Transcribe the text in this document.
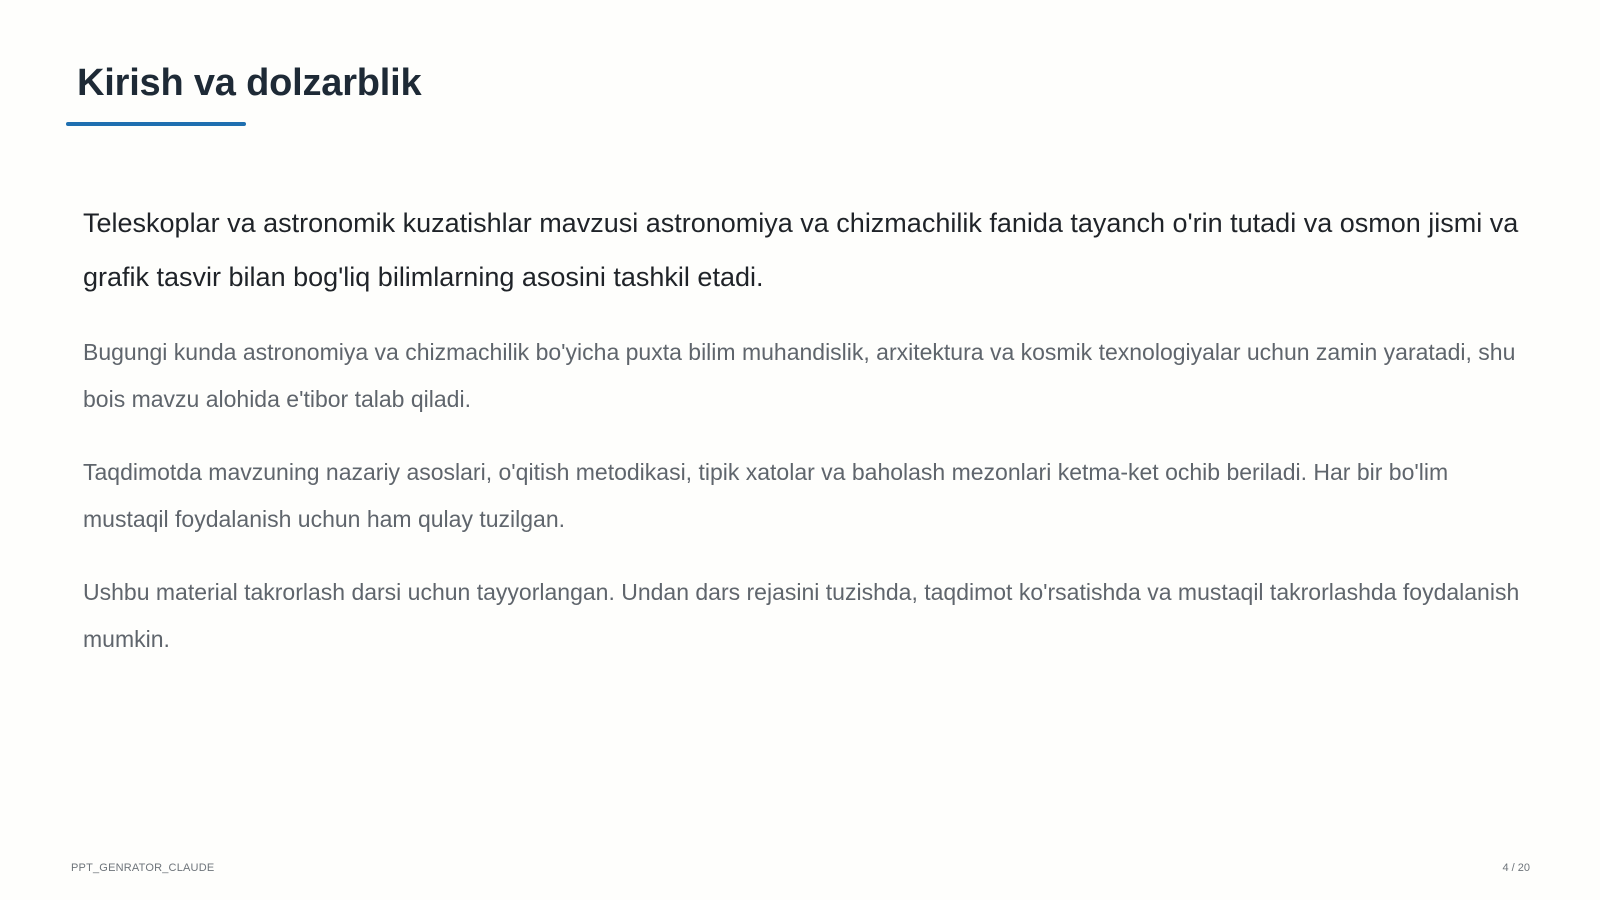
Kirish va dolzarblik

Teleskoplar va astronomik kuzatishlar mavzusi astronomiya va chizmachilik fanida tayanch o'rin tutadi va osmon jismi va grafik tasvir bilan bog'liq bilimlarning asosini tashkil etadi.

Bugungi kunda astronomiya va chizmachilik bo'yicha puxta bilim muhandislik, arxitektura va kosmik texnologiyalar uchun zamin yaratadi, shu bois mavzu alohida e'tibor talab qiladi.

Taqdimotda mavzuning nazariy asoslari, o'qitish metodikasi, tipik xatolar va baholash mezonlari ketma-ket ochib beriladi. Har bir bo'lim mustaqil foydalanish uchun ham qulay tuzilgan.

Ushbu material takrorlash darsi uchun tayyorlangan. Undan dars rejasini tuzishda, taqdimot ko'rsatishda va mustaqil takrorlashda foydalanish mumkin.

PPT_GENRATOR_CLAUDE	4 / 20
